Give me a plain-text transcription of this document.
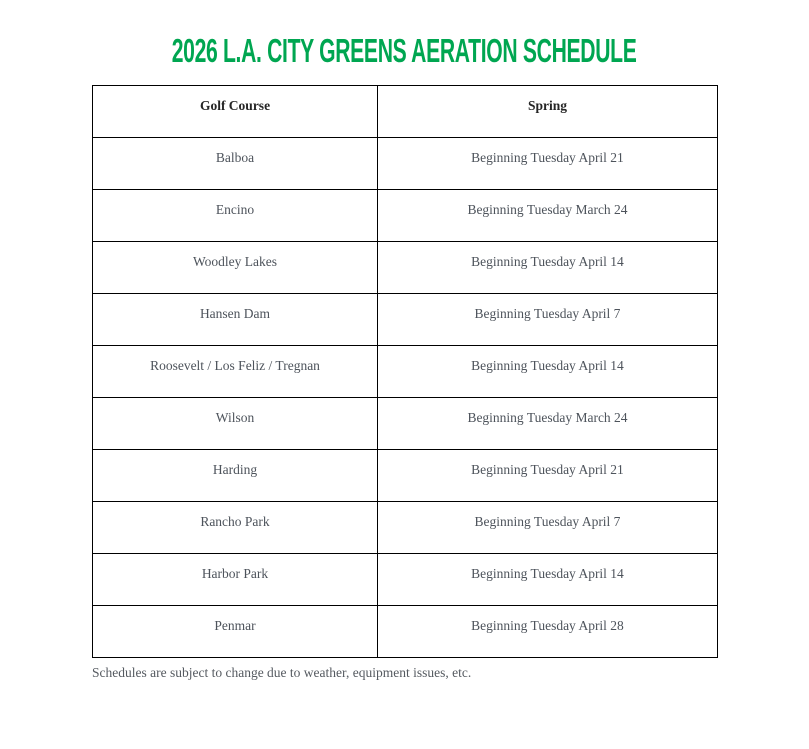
2026 L.A. CITY GREENS AERATION SCHEDULE
Golf Course	Spring
Balboa	Beginning Tuesday April 21
Encino	Beginning Tuesday March 24
Woodley Lakes	Beginning Tuesday April 14
Hansen Dam	Beginning Tuesday April 7
Roosevelt / Los Feliz / Tregnan	Beginning Tuesday April 14
Wilson	Beginning Tuesday March 24
Harding	Beginning Tuesday April 21
Rancho Park	Beginning Tuesday April 7
Harbor Park	Beginning Tuesday April 14
Penmar	Beginning Tuesday April 28

Schedules are subject to change due to weather, equipment issues, etc.
